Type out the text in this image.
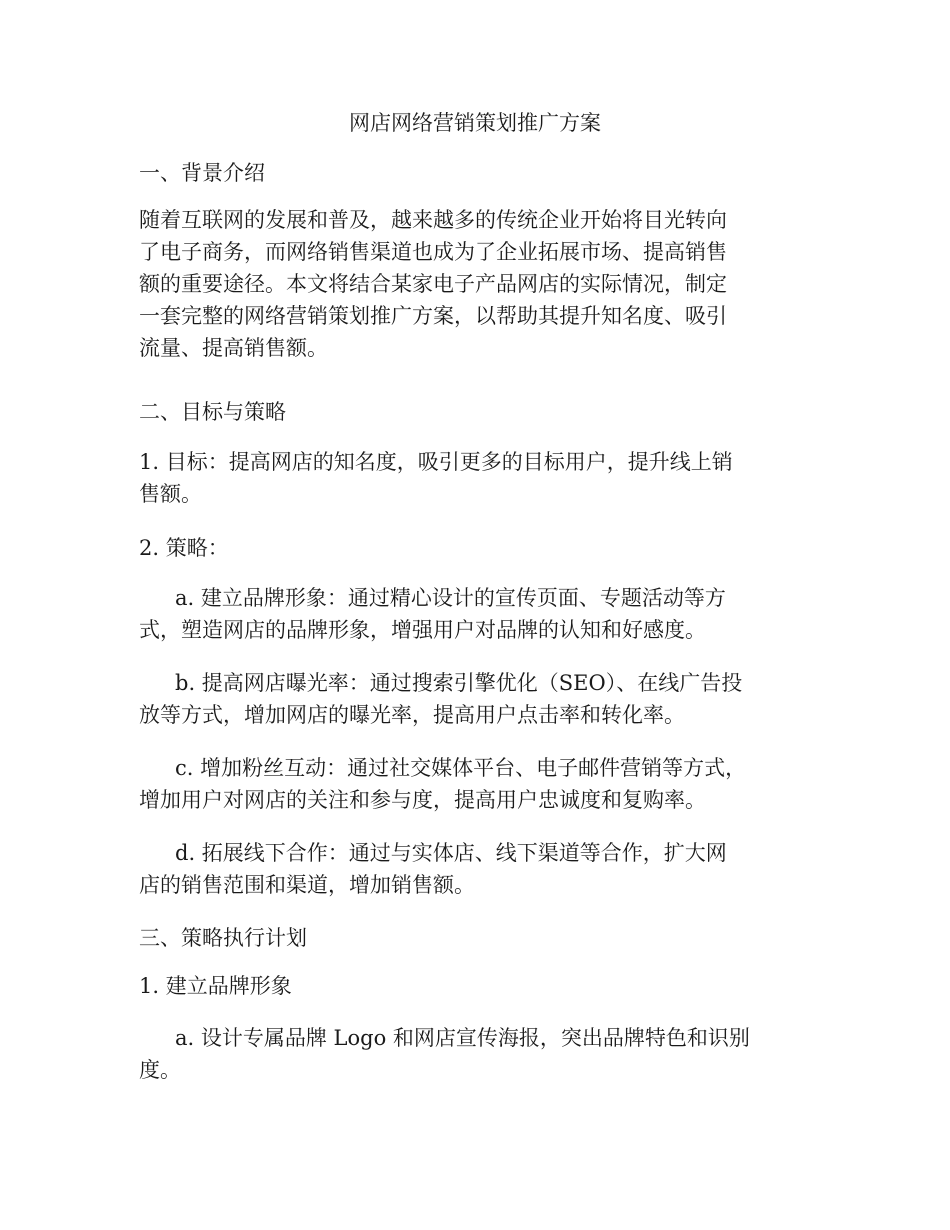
网店网络营销策划推广方案

一、背景介绍

随着互联网的发展和普及，越来越多的传统企业开始将目光转向
了电子商务，而网络销售渠道也成为了企业拓展市场、提高销售
额的重要途径。本文将结合某家电子产品网店的实际情况，制定
一套完整的网络营销策划推广方案，以帮助其提升知名度、吸引
流量、提高销售额。

二、目标与策略

1. 目标：提高网店的知名度，吸引更多的目标用户，提升线上销
售额。

2. 策略：

a. 建立品牌形象：通过精心设计的宣传页面、专题活动等方
式，塑造网店的品牌形象，增强用户对品牌的认知和好感度。

b. 提高网店曝光率：通过搜索引擎优化（SEO）、在线广告投
放等方式，增加网店的曝光率，提高用户点击率和转化率。

c. 增加粉丝互动：通过社交媒体平台、电子邮件营销等方式，
增加用户对网店的关注和参与度，提高用户忠诚度和复购率。

d. 拓展线下合作：通过与实体店、线下渠道等合作，扩大网
店的销售范围和渠道，增加销售额。

三、策略执行计划

1. 建立品牌形象

a. 设计专属品牌 Logo 和网店宣传海报，突出品牌特色和识别
度。
